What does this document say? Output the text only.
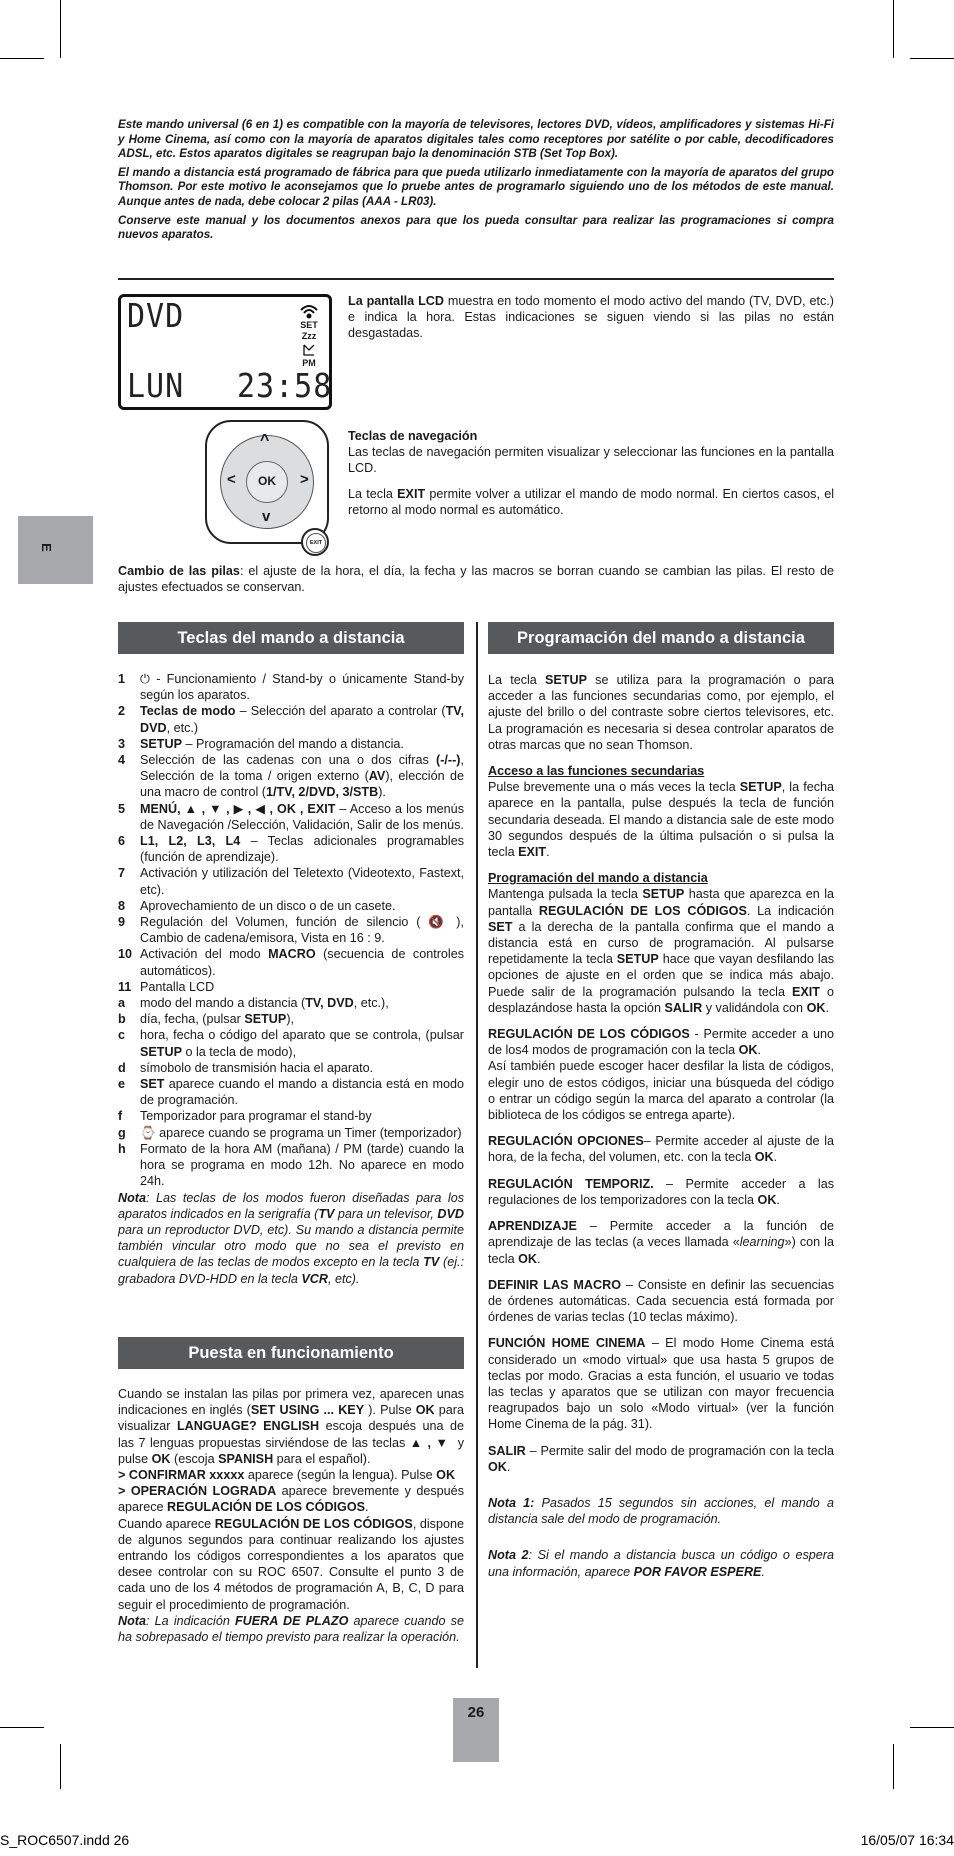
Este mando universal (6 en 1) es compatible con la mayoría de televisores, lectores DVD, vídeos, amplificadores y sistemas Hi-Fi y Home Cinema, así como con la mayoría de aparatos digitales tales como receptores por satélite o por cable, decodificadores ADSL, etc. Estos aparatos digitales se reagrupan bajo la denominación STB (Set Top Box).

El mando a distancia está programado de fábrica para que pueda utilizarlo inmediatamente con la mayoría de aparatos del grupo Thomson. Por este motivo le aconsejamos que lo pruebe antes de programarlo siguiendo uno de los métodos de este manual. Aunque antes de nada, debe colocar 2 pilas (AAA - LR03).

Conserve este manual y los documentos anexos para que los pueda consultar para realizar las programaciones si compra nuevos aparatos.

DVD	SET
Zzz
PM
LUN 23:58
La pantalla LCD muestra en todo momento el modo activo del mando (TV, DVD, etc.) e indica la hora. Estas indicaciones se siguen viendo si las pilas no están desgastadas.
^
v
<	>
OK
EXIT

Teclas de navegación

Las teclas de navegación permiten visualizar y seleccionar las funciones en la pantalla LCD.

La tecla EXIT permite volver a utilizar el mando de modo normal. En ciertos casos, el retorno al modo normal es automático.

E
Cambio de las pilas: el ajuste de la hora, el día, la fecha y las macros se borran cuando se cambian las pilas. El resto de ajustes efectuados se conservan.
Teclas del mando a distancia
1	⏻ - Funcionamiento / Stand-by o únicamente Stand-by según los aparatos.
2	Teclas de modo – Selección del aparato a controlar (TV, DVD, etc.)
3	SETUP – Programación del mando a distancia.
4	Selección de las cadenas con una o dos cifras (-/--), Selección de la toma / origen externo (AV), elección de una macro de control (1/TV, 2/DVD, 3/STB).
5	MENÚ, ▲ , ▼ , ▶ , ◀ , OK , EXIT – Acceso a los menús de Navegación /Selección, Validación, Salir de los menús.
6	L1, L2, L3, L4 – Teclas adicionales programables (función de aprendizaje).
7	Activación y utilización del Teletexto (Videotexto, Fastext, etc).
8	Aprovechamiento de un disco o de un casete.
9	Regulación del Volumen, función de silencio ( 🔇 ), Cambio de cadena/emisora, Vista en 16 : 9.
10 Activación del modo MACRO (secuencia de controles automáticos).
11 Pantalla LCD
a	modo del mando a distancia (TV, DVD, etc.),
b	día, fecha, (pulsar SETUP),
c	hora, fecha o código del aparato que se controla, (pulsar SETUP o la tecla de modo),
d	símobolo de transmisión hacia el aparato.
e	SET aparece cuando el mando a distancia está en modo de programación.
f	Temporizador para programar el stand-by
g	⌚ aparece cuando se programa un Timer (temporizador)
h	Formato de la hora AM (mañana) / PM (tarde) cuando la hora se programa en modo 12h. No aparece en modo 24h.

Nota: Las teclas de los modos fueron diseñadas para los aparatos indicados en la serigrafía (TV para un televisor, DVD para un reproductor DVD, etc). Su mando a distancia permite también vincular otro modo que no sea el previsto en cualquiera de las teclas de modos excepto en la tecla TV (ej.: grabadora DVD-HDD en la tecla VCR, etc).

Puesta en funcionamiento

Cuando se instalan las pilas por primera vez, aparecen unas indicaciones en inglés (SET USING ... KEY ). Pulse OK para visualizar LANGUAGE? ENGLISH escoja después una de las 7 lenguas propuestas sirviéndose de las teclas ▲ , ▼  y pulse OK (escoja SPANISH para el español).
> CONFIRMAR xxxxx aparece (según la lengua). Pulse OK
> OPERACIÓN LOGRADA aparece brevemente y después aparece REGULACIÓN DE LOS CÓDIGOS.
Cuando aparece REGULACIÓN DE LOS CÓDIGOS, dispone de algunos segundos para continuar realizando los ajustes entrando los códigos correspondientes a los aparatos que desee controlar con su ROC 6507. Consulte el punto 3 de cada uno de los 4 métodos de programación A, B, C, D para seguir el procedimiento de programación.

Nota: La indicación FUERA DE PLAZO aparece cuando se ha sobrepasado el tiempo previsto para realizar la operación.

Programación del mando a distancia

La tecla SETUP se utiliza para la programación o para acceder a las funciones secundarias como, por ejemplo, el ajuste del brillo o del contraste sobre ciertos televisores, etc. La programación es necesaria si desea controlar aparatos de otras marcas que no sean Thomson.

Acceso a las funciones secundarias

Pulse brevemente una o más veces la tecla SETUP, la fecha aparece en la pantalla, pulse después la tecla de función secundaria deseada. El mando a distancia sale de este modo 30 segundos después de la última pulsación o si pulsa la tecla EXIT.

Programación del mando a distancia

Mantenga pulsada la tecla SETUP hasta que aparezca en la pantalla REGULACIÓN DE LOS CÓDIGOS. La indicación SET a la derecha de la pantalla confirma que el mando a distancia está en curso de programación. Al pulsarse repetidamente la tecla SETUP hace que vayan desfilando las opciones de ajuste en el orden que se indica más abajo. Puede salir de la programación pulsando la tecla EXIT o desplazándose hasta la opción SALIR y validándola con OK.

REGULACIÓN DE LOS CÓDIGOS - Permite acceder a uno de los4 modos de programación con la tecla OK.
Así también puede escoger hacer desfilar la lista de códigos, elegir uno de estos códigos, iniciar una búsqueda del código o entrar un código según la marca del aparato a controlar (la biblioteca de los códigos se entrega aparte).

REGULACIÓN OPCIONES– Permite acceder al ajuste de la hora, de la fecha, del volumen, etc. con la tecla OK.

REGULACIÓN TEMPORIZ. – Permite acceder a las regulaciones de los temporizadores con la tecla OK.

APRENDIZAJE – Permite acceder a la función de aprendizaje de las teclas (a veces llamada «learning») con la tecla OK.

DEFINIR LAS MACRO – Consiste en definir las secuencias de órdenes automáticas. Cada secuencia está formada por órdenes de varias teclas (10 teclas máximo).

FUNCIÓN HOME CINEMA – El modo Home Cinema está considerado un «modo virtual» que usa hasta 5 grupos de teclas por modo. Gracias a esta función, el usuario ve todas las teclas y aparatos que se utilizan con mayor frecuencia reagrupados bajo un solo «Modo virtual» (ver la función Home Cinema de la pág. 31).

SALIR – Permite salir del modo de programación con la tecla OK.

Nota 1: Pasados 15 segundos sin acciones, el mando a distancia sale del modo de programación.

Nota 2: Si el mando a distancia busca un código o espera una información, aparece POR FAVOR ESPERE.

26
S_ROC6507.indd 26	16/05/07 16:34
